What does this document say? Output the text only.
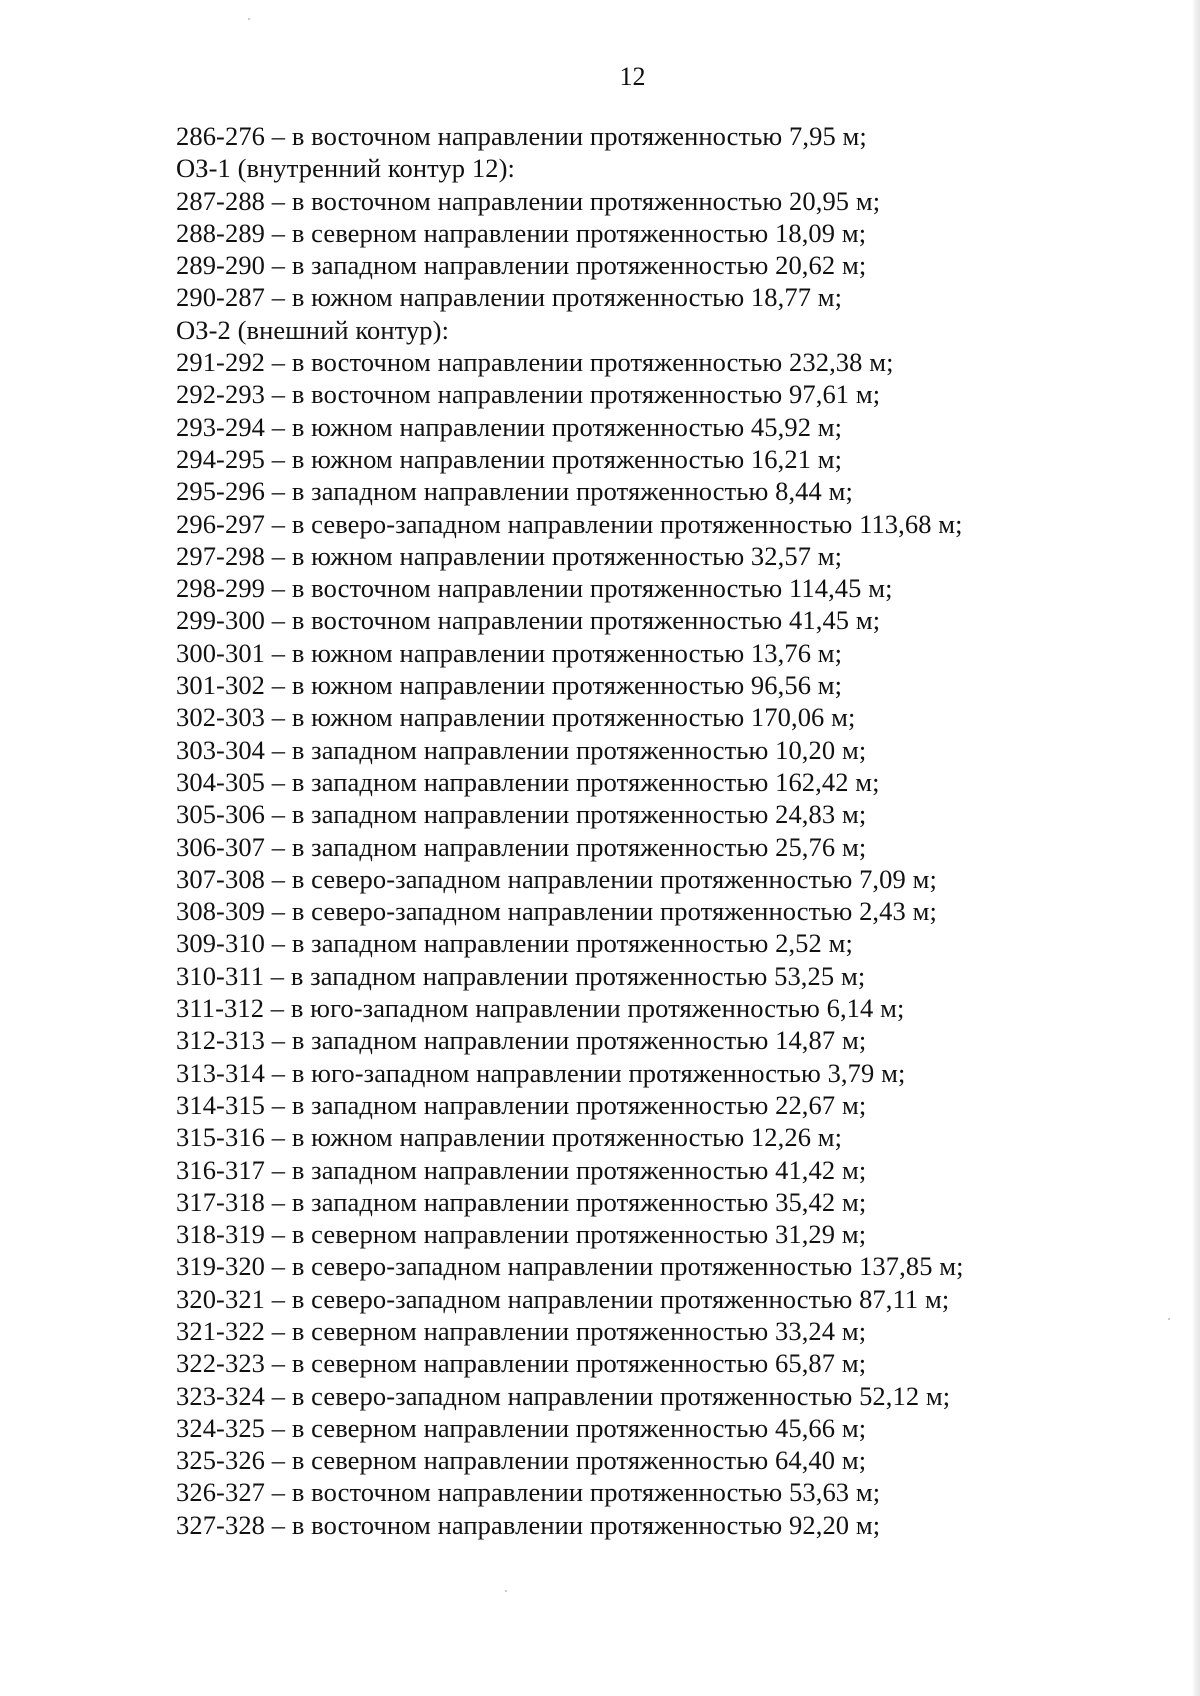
12
286-276 – в восточном направлении протяженностью 7,95 м;
ОЗ-1 (внутренний контур 12):
287-288 – в восточном направлении протяженностью 20,95 м;
288-289 – в северном направлении протяженностью 18,09 м;
289-290 – в западном направлении протяженностью 20,62 м;
290-287 – в южном направлении протяженностью 18,77 м;
ОЗ-2 (внешний контур):
291-292 – в восточном направлении протяженностью 232,38 м;
292-293 – в восточном направлении протяженностью 97,61 м;
293-294 – в южном направлении протяженностью 45,92 м;
294-295 – в южном направлении протяженностью 16,21 м;
295-296 – в западном направлении протяженностью 8,44 м;
296-297 – в северо-западном направлении протяженностью 113,68 м;
297-298 – в южном направлении протяженностью 32,57 м;
298-299 – в восточном направлении протяженностью 114,45 м;
299-300 – в восточном направлении протяженностью 41,45 м;
300-301 – в южном направлении протяженностью 13,76 м;
301-302 – в южном направлении протяженностью 96,56 м;
302-303 – в южном направлении протяженностью 170,06 м;
303-304 – в западном направлении протяженностью 10,20 м;
304-305 – в западном направлении протяженностью 162,42 м;
305-306 – в западном направлении протяженностью 24,83 м;
306-307 – в западном направлении протяженностью 25,76 м;
307-308 – в северо-западном направлении протяженностью 7,09 м;
308-309 – в северо-западном направлении протяженностью 2,43 м;
309-310 – в западном направлении протяженностью 2,52 м;
310-311 – в западном направлении протяженностью 53,25 м;
311-312 – в юго-западном направлении протяженностью 6,14 м;
312-313 – в западном направлении протяженностью 14,87 м;
313-314 – в юго-западном направлении протяженностью 3,79 м;
314-315 – в западном направлении протяженностью 22,67 м;
315-316 – в южном направлении протяженностью 12,26 м;
316-317 – в западном направлении протяженностью 41,42 м;
317-318 – в западном направлении протяженностью 35,42 м;
318-319 – в северном направлении протяженностью 31,29 м;
319-320 – в северо-западном направлении протяженностью 137,85 м;
320-321 – в северо-западном направлении протяженностью 87,11 м;
321-322 – в северном направлении протяженностью 33,24 м;
322-323 – в северном направлении протяженностью 65,87 м;
323-324 – в северо-западном направлении протяженностью 52,12 м;
324-325 – в северном направлении протяженностью 45,66 м;
325-326 – в северном направлении протяженностью 64,40 м;
326-327 – в восточном направлении протяженностью 53,63 м;
327-328 – в восточном направлении протяженностью 92,20 м;
